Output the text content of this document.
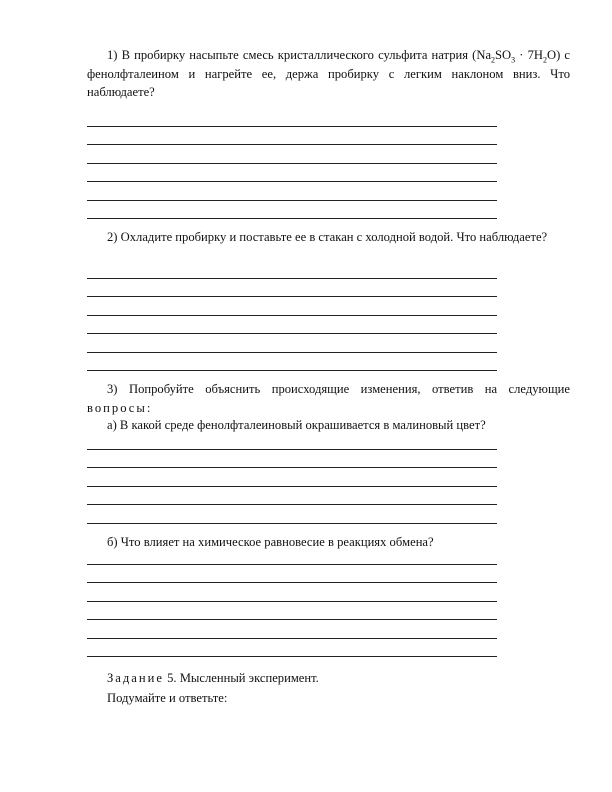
1) В пробирку насыпьте смесь кристаллического сульфита натрия $(Na_2SO_3 \cdot 7H_2O)$ с фенолфталеином и нагрейте ее, держа пробирку с легким наклоном вниз. Что наблюдаете?
2) Охладите пробирку и поставьте ее в стакан с холодной водой. Что наблюдаете?
3) Попробуйте объяснить происходящие изменения, ответив на следующие вопросы:
а) В какой среде фенолфталеиновый окрашивается в малиновый цвет?
б) Что влияет на химическое равновесие в реакциях обмена?
Задание 5. Мысленный эксперимент.
Подумайте и ответьте:
